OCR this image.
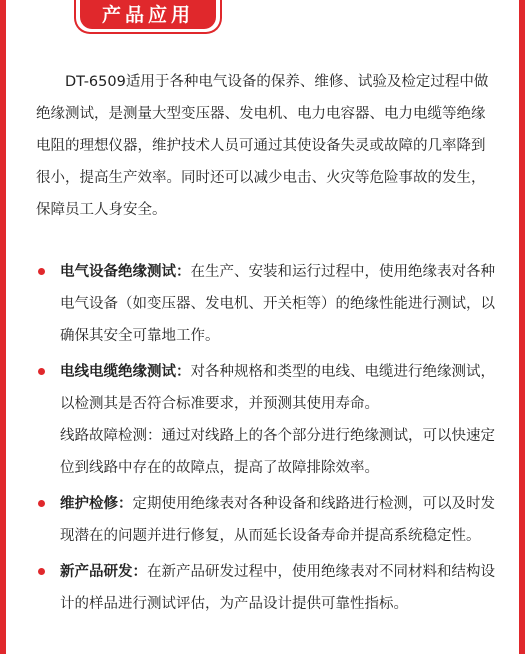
产品应用

DT-6509适用于各种电气设备的保养、维修、试验及检定过程中做绝缘测试，是测量大型变压器、发电机、电力电容器、电力电缆等绝缘电阻的理想仪器，维护技术人员可通过其使设备失灵或故障的几率降到很小，提高生产效率。同时还可以减少电击、火灾等危险事故的发生，保障员工人身安全。

电气设备绝缘测试：在生产、安装和运行过程中，使用绝缘表对各种电气设备（如变压器、发电机、开关柜等）的绝缘性能进行测试，以确保其安全可靠地工作。
电线电缆绝缘测试：对各种规格和类型的电线、电缆进行绝缘测试，以检测其是否符合标准要求，并预测其使用寿命。
线路故障检测：通过对线路上的各个部分进行绝缘测试，可以快速定位到线路中存在的故障点，提高了故障排除效率。
维护检修：定期使用绝缘表对各种设备和线路进行检测，可以及时发现潜在的问题并进行修复，从而延长设备寿命并提高系统稳定性。
新产品研发：在新产品研发过程中，使用绝缘表对不同材料和结构设计的样品进行测试评估，为产品设计提供可靠性指标。
